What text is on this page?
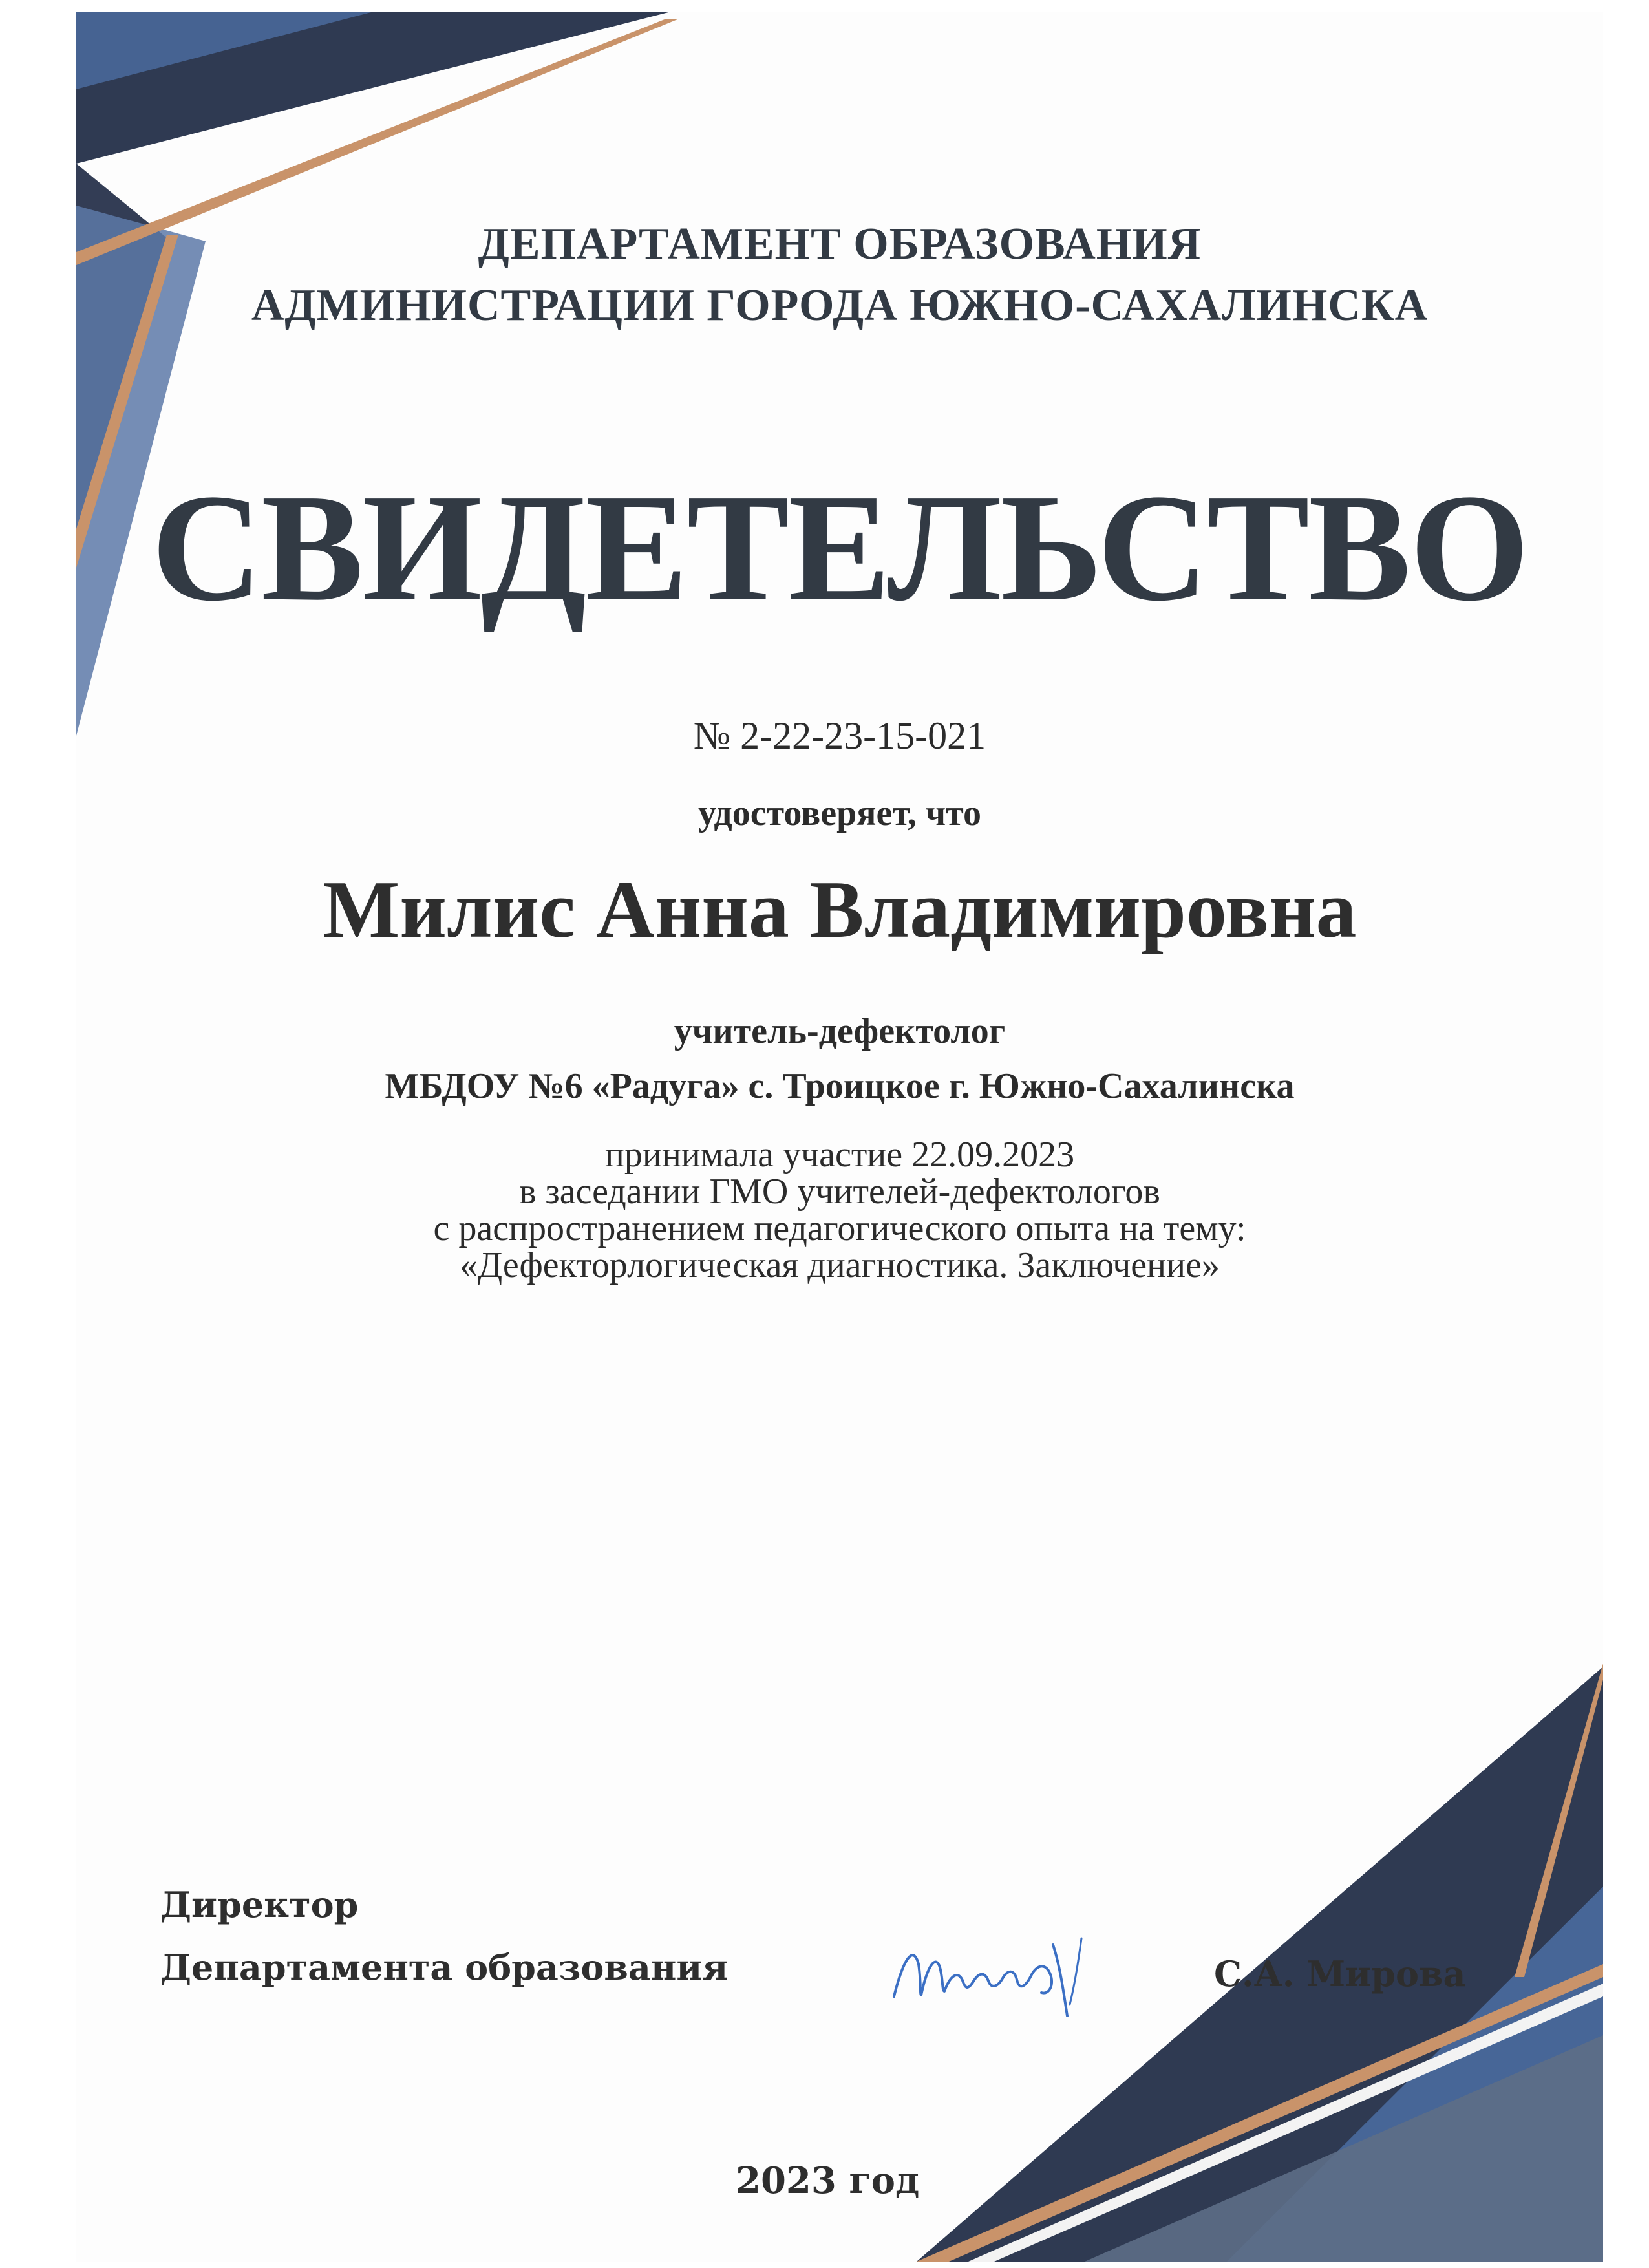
ДЕПАРТАМЕНТ ОБРАЗОВАНИЯ
АДМИНИСТРАЦИИ ГОРОДА ЮЖНО-САХАЛИНСКА

СВИДЕТЕЛЬСТВО

№ 2-22-23-15-021

удостоверяет, что

Милис Анна Владимировна

учитель-дефектолог
МБДОУ №6 «Радуга» с. Троицкое г. Южно-Сахалинска

принимала участие 22.09.2023
в заседании ГМО учителей-дефектологов
с распространением педагогического опыта на тему:
«Дефекторлогическая диагностика. Заключение»

Директор
Департамента образования	С.А. Мирова

2023 год
